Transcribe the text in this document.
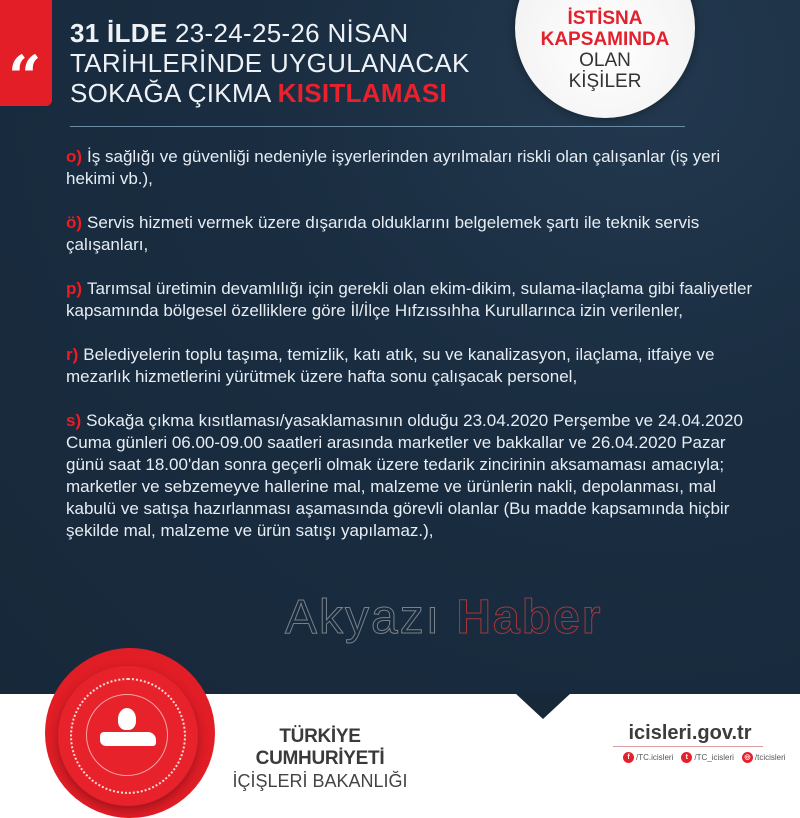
“
31 İLDE 23-24-25-26 NİSAN
TARİHLERİNDE UYGULANACAK
SOKAĞA ÇIKMA KISITLAMASI
İSTİSNA
KAPSAMINDA
OLAN
KİŞİLER
o) İş sağlığı ve güvenliği nedeniyle işyerlerinden ayrılmaları riskli olan çalışanlar (iş yeri hekimi vb.),
ö) Servis hizmeti vermek üzere dışarıda olduklarını belgelemek şartı ile teknik servis çalışanları,
p) Tarımsal üretimin devamlılığı için gerekli olan ekim-dikim, sulama-ilaçlama gibi faaliyetler kapsamında bölgesel özelliklere göre İl/İlçe Hıfzıssıhha Kurullarınca izin verilenler,
r) Belediyelerin toplu taşıma, temizlik, katı atık, su ve kanalizasyon, ilaçlama, itfaiye ve mezarlık hizmetlerini yürütmek üzere hafta sonu çalışacak personel,
s) Sokağa çıkma kısıtlaması/yasaklamasının olduğu 23.04.2020 Perşembe ve 24.04.2020 Cuma günleri 06.00-09.00 saatleri arasında marketler ve bakkallar ve 26.04.2020 Pazar günü saat 18.00'dan sonra geçerli olmak üzere tedarik zincirinin aksamaması amacıyla; marketler ve sebzemeyve hallerine mal, malzeme ve ürünlerin nakli, depolanması, mal kabulü ve satışa hazırlanması aşamasında görevli olanlar (Bu madde kapsamında hiçbir şekilde mal, malzeme ve ürün satışı yapılamaz.),
Akyazı Haber
TÜRKİYE CUMHURİYETİ
İÇİŞLERİ BAKANLIĞI
icisleri.gov.tr
f /TC.icisleri	t /TC_icisleri	◎ /tcicisleri
